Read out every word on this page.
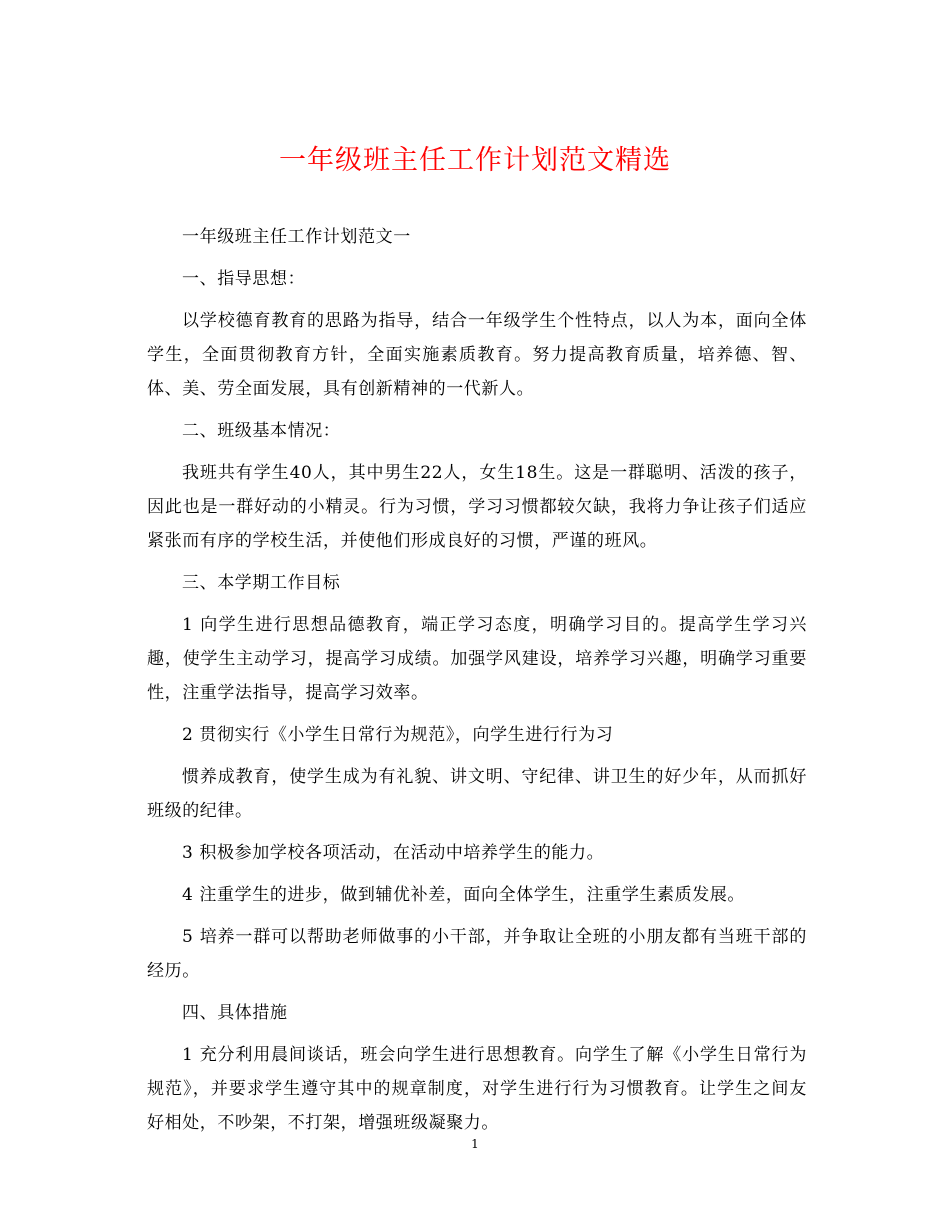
一年级班主任工作计划范文精选

一年级班主任工作计划范文一

一、指导思想：

以学校德育教育的思路为指导，结合一年级学生个性特点，以人为本，面向全体学生，全面贯彻教育方针，全面实施素质教育。努力提高教育质量，培养德、智、体、美、劳全面发展，具有创新精神的一代新人。

二、班级基本情况：

我班共有学生40人，其中男生22人，女生18生。这是一群聪明、活泼的孩子，因此也是一群好动的小精灵。行为习惯，学习习惯都较欠缺，我将力争让孩子们适应紧张而有序的学校生活，并使他们形成良好的习惯，严谨的班风。

三、本学期工作目标

1 向学生进行思想品德教育，端正学习态度，明确学习目的。提高学生学习兴趣，使学生主动学习，提高学习成绩。加强学风建设，培养学习兴趣，明确学习重要性，注重学法指导，提高学习效率。

2 贯彻实行《小学生日常行为规范》，向学生进行行为习

惯养成教育，使学生成为有礼貌、讲文明、守纪律、讲卫生的好少年，从而抓好班级的纪律。

3 积极参加学校各项活动，在活动中培养学生的能力。

4 注重学生的进步，做到辅优补差，面向全体学生，注重学生素质发展。

5 培养一群可以帮助老师做事的小干部，并争取让全班的小朋友都有当班干部的经历。

四、具体措施

1 充分利用晨间谈话，班会向学生进行思想教育。向学生了解《小学生日常行为规范》，并要求学生遵守其中的规章制度，对学生进行行为习惯教育。让学生之间友好相处，不吵架，不打架，增强班级凝聚力。

1
